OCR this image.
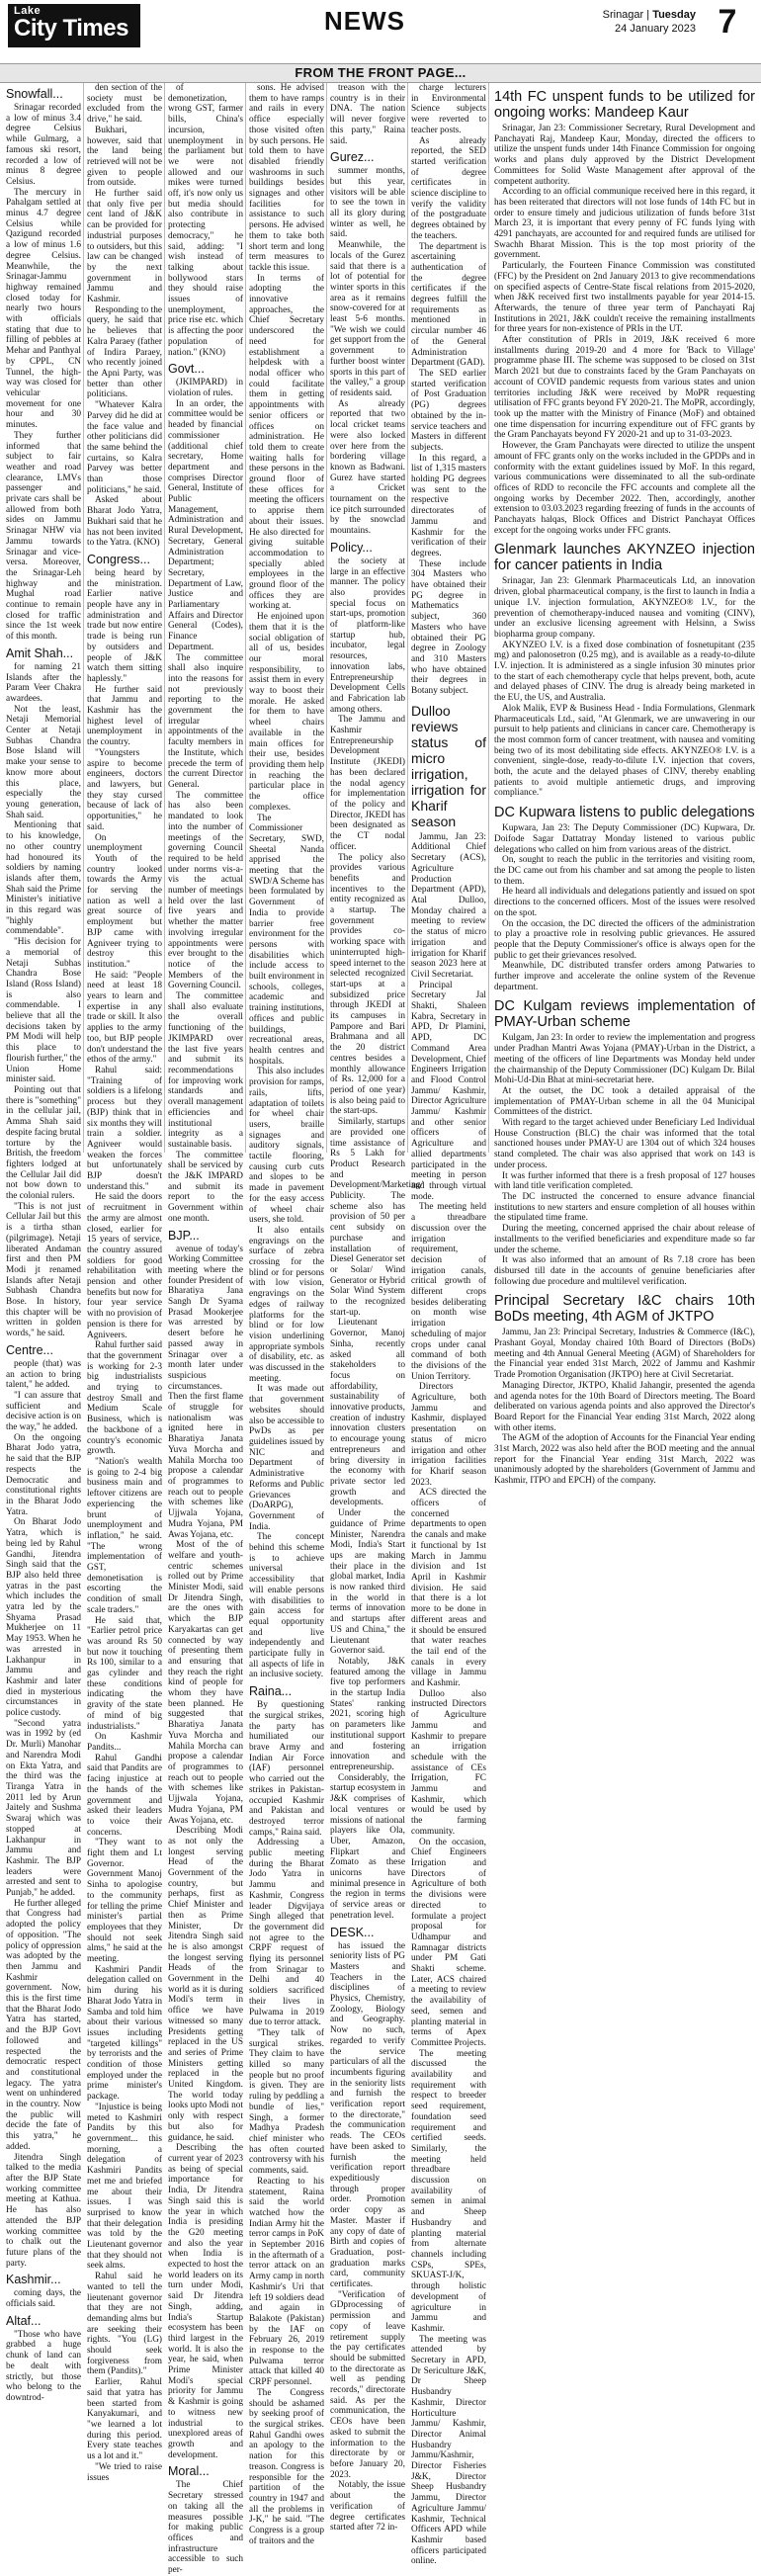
Lake
City Times	NEWS	Srinagar | Tuesday
24 January 2023 7
FROM THE FRONT PAGE...
Snowfall...

Srinagar recorded a low of minus 3.4 degree Celsius while Gulmarg, a famous ski resort, recorded a low of minus 8 degree Celsius.

The mercury in Pahalgam settled at minus 4.7 degree Celsius while Qazigund recorded a low of minus 1.6 degree Celsius. Meanwhile, the Srinagar-Jammu highway remained closed today for nearly two hours with officials stating that due to filling of pebbles at Mehar and Panthyal by CPPL, CN Tunnel, the high-way was closed for vehicular movement for one hour and 30 minutes.

They further informed that subject to fair weather and road clearance, LMVs passenger and private cars shall be allowed from both sides on Jammu Srinagar NHW via Jammu towards Srinagar and vice-versa. Moreover, the Srinagar-Leh highway and Mughal road continue to remain closed for traffic since the 1st week of this month.

Amit Shah...

for naming 21 Islands after the Param Veer Chakra awardees.

Not the least, Netaji Memorial Center at Netaji Subhas Chandra Bose Island will make your sense to know more about this place, especially the young generation, Shah said.

Mentioning that to his knowledge, no other country had honoured its soldiers by naming islands after them, Shah said the Prime Minister's initiative in this regard was "highly commendable".

"His decision for a memorial of Netaji Subhas Chandra Bose Island (Ross Island) is also commendable. I believe that all the decisions taken by PM Modi will help this place to flourish further," the Union Home minister said.

Pointing out that there is "something" in the cellular jail, Amma Shah said despite facing brutal torture by the British, the freedom fighters lodged at the Cellular Jail did not bow down to the colonial rulers.

"This is not just Cellular Jail but this is a tirtha sthan (pilgrimage). Netaji liberated Andaman first and then PM Modi jt renamed Islands after Netaji Subhash Chandra Bose. In history, this chapter will be written in golden words," he said.

Centre...

people (that) was an action to bring talent," he added.

"I can assure that sufficient and decisive action is on the way," he added.

On the ongoing Bharat Jodo yatra, he said that the BJP respects the Democratic and constitutional rights in the Bharat Jodo Yatra.

On Bharat Jodo Yatra, which is being led by Rahul Gandhi, Jitendra Singh said that the BJP also held three yatras in the past which includes the yatra led by the Shyama Prasad Mukherjee on 11 May 1953. When he was arrested in Lakhanpur in Jammu and Kashmir and later died in mysterious circumstances in police custody.

"Second yatra was in 1992 by (ed Dr. Murli) Manohar and Narendra Modi on Ekta Yatra, and the third was the Tiranga Yatra in 2011 led by Arun Jaitely and Sushma Swaraj which was stopped at Lakhanpur in Jammu and Kashmir. The BJP leaders were arrested and sent to Punjab," he added.

He further alleged that Congress had adopted the policy of opposition. "The policy of oppression was adopted by the then Jammu and Kashmir government. Now, this is the first time that the Bharat Jodo Yatra has started, and the BJP Govt followed and respected the democratic respect and constitutional legacy. The yatra went on unhindered in the country. Now the public will decide the fate of this yatra," he added.

Jitendra Singh talked to the media after the BJP State working committee meeting at Kathua. He has also attended the BJP working committee to chalk out the future plans of the party.

Kashmir...

coming days, the officials said.

Altaf...

"Those who have grabbed a huge chunk of land can be dealt with strictly, but those who belong to the downtrod-

den section of the society must be excluded from the drive," he said.

Bukhari, however, said that the land being retrieved will not be given to people from outside.

He further said that only five per cent land of J&K can be provided for industrial purposes to outsiders, but this law can be changed by the next government in Jammu and Kashmir.

Responding to the query, he said that he believes that Kalra Paraey (father of Indira Paraey, who recently joined the Apni Party, was better than other politicians.

"Whatever Kalra Parvey did he did at the face value and other politicians did the same behind the curtains, so Kalra Parvey was better than those politicians," he said.

Asked about Bharat Jodo Yatra, Bukhari said that he has not been invited to the Yatra. (KNO)

Congress...

being heard by the ministration. Earlier native people have any in administration and trade but now entire trade is being run by outsiders and people of J&K watch them sitting haplessly."

He further said that Jammu and Kashmir has the highest level of unemployment in the country.

"Youngsters aspire to become engineers, doctors and lawyers, but they stay cursed because of lack of opportunities," he said.

On unemployment

Youth of the country looked towards the Army for serving the nation as well a great source of employment but BJP came with Agniveer trying to destroy this institution."

He said: "People need at least 18 years to learn and expertise in any trade or skill. It also applies to the army too, but BJP people don't understand the ethos of the army."

Rahul said: "Training of soldiers is a lifelong process but they (BJP) think that in six months they will train a soldier. Agniveer would weaken the forces but unfortunately BJP doesn't understand this."

He said the doors of recruitment in the army are almost closed, earlier for 15 years of service, the country assured soldiers for good rehabilitation with pension and other benefits but now for four year service with no provision of pension is there for Agniveers.

Rahul further said that the government is working for 2-3 big industrialists and trying to destroy Small and Medium Scale Business, which is the backbone of a country's economic growth.

"Nation's wealth is going to 2-4 big business main and leftover citizens are experiencing the brunt of unemployment and inflation," he said. "The wrong implementation of GST, demonetisation is escorting the condition of small scale traders."

He said that, "Earlier petrol price was around Rs 50 but now it touching Rs 100, similar to a gas cylinder and these conditions indicating the gravity of the state of mind of big industrialists."

On Kashmir Pandits...

Rahul Gandhi said that Pandits are facing injustice at the hands of the government and asked their leaders to voice their concerns.

"They want to fight them and Lt Governor. Government Manoj Sinha to apologise to the community for telling the prime minister's partial employees that they should not seek alms," he said at the meeting.

Kashmiri Pandit delegation called on him during his Bharat Jodo Yatra in Samba and told him about their various issues including "targeted killings" by terrorists and the condition of those employed under the prime minister's package.

"Injustice is being meted to Kashmiri Pandits by this government... this morning, a delegation of Kashmiri Pandits met me and briefed me about their issues. I was surprised to know that their delegation was told by the Lieutenant governor that they should not seek alms.

Rahul said he wanted to tell the lieutenant governor that they are not demanding alms but are seeking their rights. "You (LG) should seek forgiveness from them (Pandits)."

Earlier, Rahul said that yatra has been started from Kanyakumari, and "we learned a lot during this period. Every state teaches us a lot and it."

"We tried to raise issues

of demonetization, wrong GST, farmer bills, China's incursion, unemployment in the parliament but we were not allowed and our mikes were turned off, it's now only us but media should also contribute in protecting democracy," he said, adding: "I wish instead of talking about bollywood stars they should raise issues of unemployment, price rise etc. which is affecting the poor population of nation." (KNO)

Govt...

(JKIMPARD) in violation of rules.

In an order, the committee would be headed by financial commissioner (additional chief secretary, Home department and comprises Director General, Institute of Public Management, Administration and Rural Development, Secretary, General Administration Department; Secretary, Department of Law, Justice and Parliamentary Affairs and Director General (Codes), Finance Department.

The committee shall also inquire into the reasons for not previously reporting to the government the irregular appointments of the faculty members in the Institute, which precede the term of the current Director General.

The committee has also been mandated to look into the number of meetings of the governing Council required to be held under norms vis-a-vis the actual number of meetings held over the last five years and whether the matter involving irregular appointments were ever brought to the notice of the Members of the Governing Council.

The committee shall also evaluate the overall functioning of the JKIMPARD over the last five years and submit its recommendations for improving work standards and overall management efficiencies and institutional integrity as a sustainable basis.

The committee shall be serviced by the J&K IMPARD and submit its report to the Government within one month.

BJP...

avenue of today's Working Committee meeting where the founder President of Bharatiya Jana Sangh Dr Syama Prasad Mookerjee was arrested by desert before he passed away in Srinagar over a month later under suspicious circumstances. Then the first flame of struggle for nationalism was ignited here in Bharatiya Janata Yuva Morcha and Mahila Morcha too propose a calendar of programmes to reach out to people with schemes like Ujjwala Yojana, Mudra Yojana, PM Awas Yojana, etc.

Most of the of welfare and youth-centric schemes rolled out by Prime Minister Modi, said Dr Jitendra Singh, are the ones with which the BJP Karyakartas can get connected by way of presenting them and ensuring that they reach the right kind of people for whom they have been planned. He suggested that Bharatiya Janata Yuva Morcha and Mahila Morcha can propose a calendar of programmes to reach out to people with schemes like Ujjwala Yojana, Mudra Yojana, PM Awas Yojana, etc.

Describing Modi as not only the longest serving Head of the Government of the country, but perhaps, first as Chief Minister and then as Prime Minister, Dr Jitendra Singh said he is also amongst the longest serving Heads of the Government in the world as it is during Modi's term in office we have witnessed so many Presidents getting replaced in the US and series of Prime Ministers getting replaced in the United Kingdom. The world today looks upto Modi not only with respect but also for guidance, he said.

Describing the current year of 2023 as being of special importance for India, Dr Jitendra Singh said this is the year in which India is presiding the G20 meeting and also the year when India is expected to host the world leaders on its turn under Modi, said Dr Jitendra Singh, adding, India's Startup ecosystem has been third largest in the world. It is also the year, he said, when Prime Minister Modi's special priority for Jammu & Kashmir is going to witness new industrial to unexplored areas of growth and development.

Moral...

The Chief Secretary stressed on taking all the measures possible for making public offices and infrastructure accessible to such per-

sons. He advised them to have ramps and rails in every office especially those visited often by such persons. He told them to have disabled friendly washrooms in such buildings besides signages and other facilities for assistance to such persons. He advised them to take both short term and long term measures to tackle this issue.

In terms of adopting the innovative approaches, the Chief Secretary underscored the need for establishment a helpdesk with a nodal officer who could facilitate them in getting appointments with senior officers or offices on administration. He told them to create waiting halls for these persons in the ground floor of these offices for meeting the officers to apprise them about their issues. He also directed for giving suitable accommodation to specially abled employees in the ground floor of the offices they are working at.

He enjoined upon them that it is the social obligation of all of us, besides our moral responsibility, to assist them in every way to boost their morale. He asked for them to have wheel chairs available in the main offices for their use, besides providing them help in reaching the particular place in the office complexes.

The Commissioner Secretary, SWD, Sheetal Nanda apprised the meeting that the SWD/A Scheme has been formulated by Government of India to provide barrier free environment for the persons with disabilities which include access to built environment in schools, colleges, academic and training institutions, offices and public buildings, recreational areas, health centres and hospitals.

This also includes provision for ramps, rails, lifts, adaptation of toilets for wheel chair users, braille signages and auditory signals, tactile flooring, causing curb cuts and slopes to be made in pavement for the easy access of wheel chair users, she told.

It also entails engravings on the surface of zebra crossing for the blind or for persons with low vision, engravings on the edges of railway platforms for the blind or for low vision underlining appropriate symbols of disability, etc. as was discussed in the meeting.

It was made out that government websites should also be accessible to PwDs as per guidelines issued by NIC and Department of Administrative Reforms and Public Grievances (DoARPG), Government of India.

The concept behind this scheme is to achieve universal accessibility that will enable persons with disabilities to gain access for equal opportunity and live independently and participate fully in all aspects of life in an inclusive society.

Raina...

By questioning the surgical strikes, the party has humiliated our brave Army and Indian Air Force (IAF) personnel who carried out the strikes in Pakistan-occupied Kashmir and Pakistan and destroyed terror camps," Raina said.

Addressing a public meeting during the Bharat Jodo Yatra in Jammu and Kashmir, Congress leader Digvijaya Singh alleged that the government did not agree to the CRPF request of flying its personnel from Srinagar to Delhi and 40 soldiers sacrificed their lives in Pulwama in 2019 due to terror attack.

"They talk of surgical strikes. They claim to have killed so many people but no proof is given. They are ruling by peddling a bundle of lies," Singh, a former Madhya Pradesh chief minister who has often courted controversy with his comments, said.

Reacting to his statement, Raina said the world watched how the Indian Army hit the terror camps in PoK in September 2016 in the aftermath of a terror attack on an Army camp in north Kashmir's Uri that left 19 soldiers dead and again in Balakote (Pakistan) by the IAF on February 26, 2019 in response to the Pulwama terror attack that killed 40 CRPF personnel.

The Congress should be ashamed by seeking proof of the surgical strikes. Rahul Gandhi owes an apology to the nation for this treason. Congress is responsible for the partition of the country in 1947 and all the problems in J-K," he said. "The Congress is a group of traitors and the

treason with the country is in their DNA. The nation will never forgive this party," Raina said.

Gurez...

summer months, but this year, visitors will be able to see the town in all its glory during winter as well, he said.

Meanwhile, the locals of the Gurez said that there is a lot of potential for winter sports in this area as it remains snow-covered for at least 5-6 months. "We wish we could get support from the government to further boost winter sports in this part of the valley," a group of residents said.

As already reported that two local cricket teams were also locked over here from the bordering village known as Badwani. Gurez have started a Cricket tournament on the ice pitch surrounded by the snowclad mountains.

Policy...

the society at large in an effective manner. The policy also provides special focus on start-ups, promotion of platform-like startup hub, incubator, legal resources, innovation labs, Entrepreneurship Development Cells and Fabrication lab among others.

The Jammu and Kashmir Entrepreneurship Development Institute (JKEDI) has been declared the nodal agency for implementation of the policy and Director, JKEDI has been designated as the CT nodal officer.

The policy also provides various benefits and incentives to the entity recognized as a startup. The government provides co-working space with uninterrupted high-speed internet to the selected recognized start-ups at a subsidized price through JKEDI at its campuses in Pampore and Bari Brahmana and all the 20 district centres besides a monthly allowance of Rs. 12,000 for a period of one year) is also being paid to the start-ups.

Similarly, startups are provided one time assistance of Rs 5 Lakh for Product Research and Development/Marketing/ Publicity. The scheme also has provision of 50 per cent subsidy on purchase and installation of Diesel Generator set or Solar/ Wind Generator or Hybrid Solar Wind System to the recognized start-up.

Lieutenant Governor, Manoj Sinha, recently asked all stakeholders to focus on affordability, sustainability of innovative products, creation of industry innovation clusters to encourage young entrepreneurs and bring diversity in the economy with private sector led growth and developments.

Under the guidance of Prime Minister, Narendra Modi, India's Start ups are making their place in the global market, India is now ranked third in the world in terms of innovation and startups after US and China," the Lieutenant Governor said.

Notably, J&K featured among the five top performers in the startup India States' ranking 2021, scoring high on parameters like institutional support and fostering innovation and entrepreneurship.

Considerably, the startup ecosystem in J&K comprises of local ventures or missions of national players like Ola, Uber, Amazon, Flipkart and Zomato as these unicorns have minimal presence in the region in terms of service areas or penetration level.

DESK...

has issued the seniority lists of PG Masters and Teachers in the disciplines of Physics, Chemistry, Zoology, Biology and Geography. Now no such, regarded to verify the service particulars of all the incumbents figuring in the seniority lists and furnish the verification report to the directorate," the communication reads. The CEOs have been asked to furnish the verification report expeditiously through proper order. Promotion order copy as Master. Master if any copy of date of Birth and copies of Graduation, post-graduation marks card, community certificates.

"Verification of GDprocessing of permission and copy of leave retirement supply the pay certificates should be submitted to the directorate as well as pending records," directorate said. As per the communication, the CEOs have been asked to submit the information to the directorate by or before January 20, 2023.

Notably, the issue about the verification of degree certificates started after 72 in-

charge lecturers in Environmental Science subjects were reverted to teacher posts.

As already reported, the SED started verification of degree certificates in science discipline to verify the validity of the postgraduate degrees obtained by the teachers.

The department is ascertaining authentication of the degree certificates if the degrees fulfill the requirements as mentioned in circular number 46 of the General Administration Department (GAD).

The SED earlier started verification of Post Graduation (PG) degrees obtained by the in-service teachers and Masters in different subjects.

In this regard, a list of 1,315 masters holding PG degrees was sent to the respective directorates of Jammu and Kashmir for the verification of their degrees.

These include 304 Masters who have obtained their PG degree in Mathematics subject, 360 Masters who have obtained their PG degree in Zoology and 310 Masters who have obtained their degrees in Botany subject.

Dulloo reviews status of micro irrigation, irrigation for Kharif season

Jammu, Jan 23: Additional Chief Secretary (ACS), Agriculture Production Department (APD), Atal Dulloo, Monday chaired a meeting to review the status of micro irrigation and irrigation for Kharif season 2023 here at Civil Secretariat.

Principal Secretary Jal Shakti, Shaleen Kabra, Secretary in APD, Dr Plamini, APD, DC Command Area Development, Chief Engineers Irrigation and Flood Control Jammu/ Kashmir, Director Agriculture Jammu/ Kashmir and other senior officers of Agriculture and allied departments participated in the meeting in person and through virtual mode.

The meeting held a threadbare discussion over the irrigation requirement, decision of irrigation canals, critical growth of different crops besides deliberating on month wise irrigation scheduling of major crops under canal command of both the divisions of the Union Territory.

Directors Agriculture, both Jammu and Kashmir, displayed presentation on status of micro irrigation and other irrigation facilities for Kharif season 2023.

ACS directed the officers of concerned departments to open the canals and make it functional by 1st March in Jammu division and 1st April in Kashmir division. He said that there is a lot more to be done in different areas and it should be ensured that water reaches the tail end of the canals in every village in Jammu and Kashmir.

Dulloo also instructed Directors of Agriculture Jammu and Kashmir to prepare an irrigation schedule with the assistance of CEs Irrigation, FC Jammu and Kashmir, which would be used by the farming community.

On the occasion, Chief Engineers Irrigation and Directors of Agriculture of both the divisions were directed to formulate a project proposal for Udhampur and Ramnagar districts under PM Gati Shakti scheme. Later, ACS chaired a meeting to review the availability of seed, semen and planting material in terms of Apex Committee Projects.

The meeting discussed the availability and requirement with respect to breeder seed requirement, foundation seed requirement and certified seeds. Similarly, the meeting held threadbare discussion on availability of semen in animal and Sheep Husbandry and planting material from alternate channels including CSPs, SPEs, SKUAST-J/K, through holistic development of agriculture in Jammu and Kashmir.

The meeting was attended by Secretary in APD, Dr Sericulture J&K, Dr Sheep Husbandry Kashmir, Director Horticulture Jammu/ Kashmir, Director Animal Husbandry Jammu/Kashmir, Director Fisheries J&K, Director Sheep Husbandry Jammu, Director Agriculture Jammu/ Kashmir, Technical Officers APD while Kashmir based officers participated online.

14th FC unspent funds to be utilized for ongoing works: Mandeep Kaur

Srinagar, Jan 23: Commissioner Secretary, Rural Development and Panchayati Raj, Mandeep Kaur, Monday, directed the officers to utilize the unspent funds under 14th Finance Commission for ongoing works and plans duly approved by the District Development Committees for Solid Waste Management after approval of the competent authority.

According to an official communique received here in this regard, it has been reiterated that directors will not lose funds of 14th FC but in order to ensure timely and judicious utilization of funds before 31st March 23, it is important that every penny of FC funds lying with 4291 panchayats, are accounted for and required funds are utilised for Swachh Bharat Mission. This is the top most priority of the government.

Particularly, the Fourteen Finance Commission was constituted (FFC) by the President on 2nd January 2013 to give recommendations on specified aspects of Centre-State fiscal relations from 2015-2020, when J&K received first two installments payable for year 2014-15. Afterwards, the tenure of three year term of Panchayati Raj Institutions in 2021, J&K couldn't receive the remaining installments for three years for non-existence of PRIs in the UT.

After constitution of PRIs in 2019, J&K received 6 more installments during 2019-20 and 4 more for 'Back to Village' programme phase III. The scheme was supposed to be closed on 31st March 2021 but due to constraints faced by the Gram Panchayats on account of COVID pandemic requests from various states and union territories including J&K were received by MoPR requesting utilisation of FFC grants beyond FY 2020-21. The MoPR, accordingly, took up the matter with the Ministry of Finance (MoF) and obtained one time dispensation for incurring expenditure out of FFC grants by the Gram Panchayats beyond FY 2020-21 and up to 31-03-2023.

However, the Gram Panchayats were directed to utilize the unspent amount of FFC grants only on the works included in the GPDPs and in conformity with the extant guidelines issued by MoF. In this regard, various communications were disseminated to all the sub-ordinate offices of RDD to reconcile the FFC accounts and complete all the ongoing works by December 2022. Then, accordingly, another extension to 03.03.2023 regarding freezing of funds in the accounts of Panchayats halqas, Block Offices and District Panchayat Offices except for the ongoing works under FFC grants.

Glenmark launches AKYNZEO injection for cancer patients in India

Srinagar, Jan 23: Glenmark Pharmaceuticals Ltd, an innovation driven, global pharmaceutical company, is the first to launch in India a unique I.V. injection formulation, AKYNZEO® I.V., for the prevention of chemotherapy-induced nausea and vomiting (CINV), under an exclusive licensing agreement with Helsinn, a Swiss biopharma group company.

AKYNZEO I.V. is a fixed dose combination of fosnetupitant (235 mg) and palonosetron (0.25 mg), and is available as a ready-to-dilute I.V. injection. It is administered as a single infusion 30 minutes prior to the start of each chemotherapy cycle that helps prevent, both, acute and delayed phases of CINV. The drug is already being marketed in the EU, the US, and Australia.

Alok Malik, EVP & Business Head - India Formulations, Glenmark Pharmaceuticals Ltd., said, "At Glenmark, we are unwavering in our pursuit to help patients and clinicians in cancer care. Chemotherapy is the most common form of cancer treatment, with nausea and vomiting being two of its most debilitating side effects. AKYNZEO® I.V. is a convenient, single-dose, ready-to-dilute I.V. injection that covers, both, the acute and the delayed phases of CINV, thereby enabling patients to avoid multiple antiemetic drugs, and improving compliance."

DC Kupwara listens to public delegations

Kupwara, Jan 23: The Deputy Commissioner (DC) Kupwara, Dr. Doifode Sagar Dattatray Monday listened to various public delegations who called on him from various areas of the district.

On, sought to reach the public in the territories and visiting room, the DC came out from his chamber and sat among the people to listen to them.

He heard all individuals and delegations patiently and issued on spot directions to the concerned officers. Most of the issues were resolved on the spot.

On the occasion, the DC directed the officers of the administration to play a proactive role in resolving public grievances. He assured people that the Deputy Commissioner's office is always open for the public to get their grievances resolved.

Meanwhile, DC distributed transfer orders among Patwaries to further improve and accelerate the online system of the Revenue department.

DC Kulgam reviews implementation of PMAY-Urban scheme

Kulgam, Jan 23: In order to review the implementation and progress under Pradhan Mantri Awas Yojana (PMAY)-Urban in the District, a meeting of the officers of line Departments was Monday held under the chairmanship of the Deputy Commissioner (DC) Kulgam Dr. Bilal Mohi-Ud-Din Bhat at mini-secretariat here.

At the outset, the DC took a detailed appraisal of the implementation of PMAY-Urban scheme in all the 04 Municipal Committees of the district.

With regard to the target achieved under Beneficiary Led Individual House Construction (BLC) the chair was informed that the total sanctioned houses under PMAY-U are 1304 out of which 324 houses stand completed. The chair was also apprised that work on 143 is under process.

It was further informed that there is a fresh proposal of 127 houses with land title verification completed.

The DC instructed the concerned to ensure advance financial institutions to new starters and ensure completion of all houses within the stipulated time frame.

During the meeting, concerned apprised the chair about release of installments to the verified beneficiaries and expenditure made so far under the scheme.

It was also informed that an amount of Rs 7.18 crore has been disbursed till date in the accounts of genuine beneficiaries after following due procedure and multilevel verification.

Principal Secretary I&C chairs 10th BoDs meeting, 4th AGM of JKTPO

Jammu, Jan 23: Principal Secretary, Industries & Commerce (I&C), Prashant Goyal, Monday chaired 10th Board of Directors (BoDs) meeting and 4th Annual General Meeting (AGM) of Shareholders for the Financial year ended 31st March, 2022 of Jammu and Kashmir Trade Promotion Organisation (JKTPO) here at Civil Secretariat.

Managing Director, JKTPO, Khalid Jahangir, presented the agenda and agenda notes for the 10th Board of Directors meeting. The Board deliberated on various agenda points and also approved the Director's Board Report for the Financial Year ending 31st March, 2022 along with other items.

The AGM of the adoption of Accounts for the Financial Year ending 31st March, 2022 was also held after the BOD meeting and the annual report for the Financial Year ending 31st March, 2022 was unanimously adopted by the shareholders (Government of Jammu and Kashmir, ITPO and EPCH) of the company.
